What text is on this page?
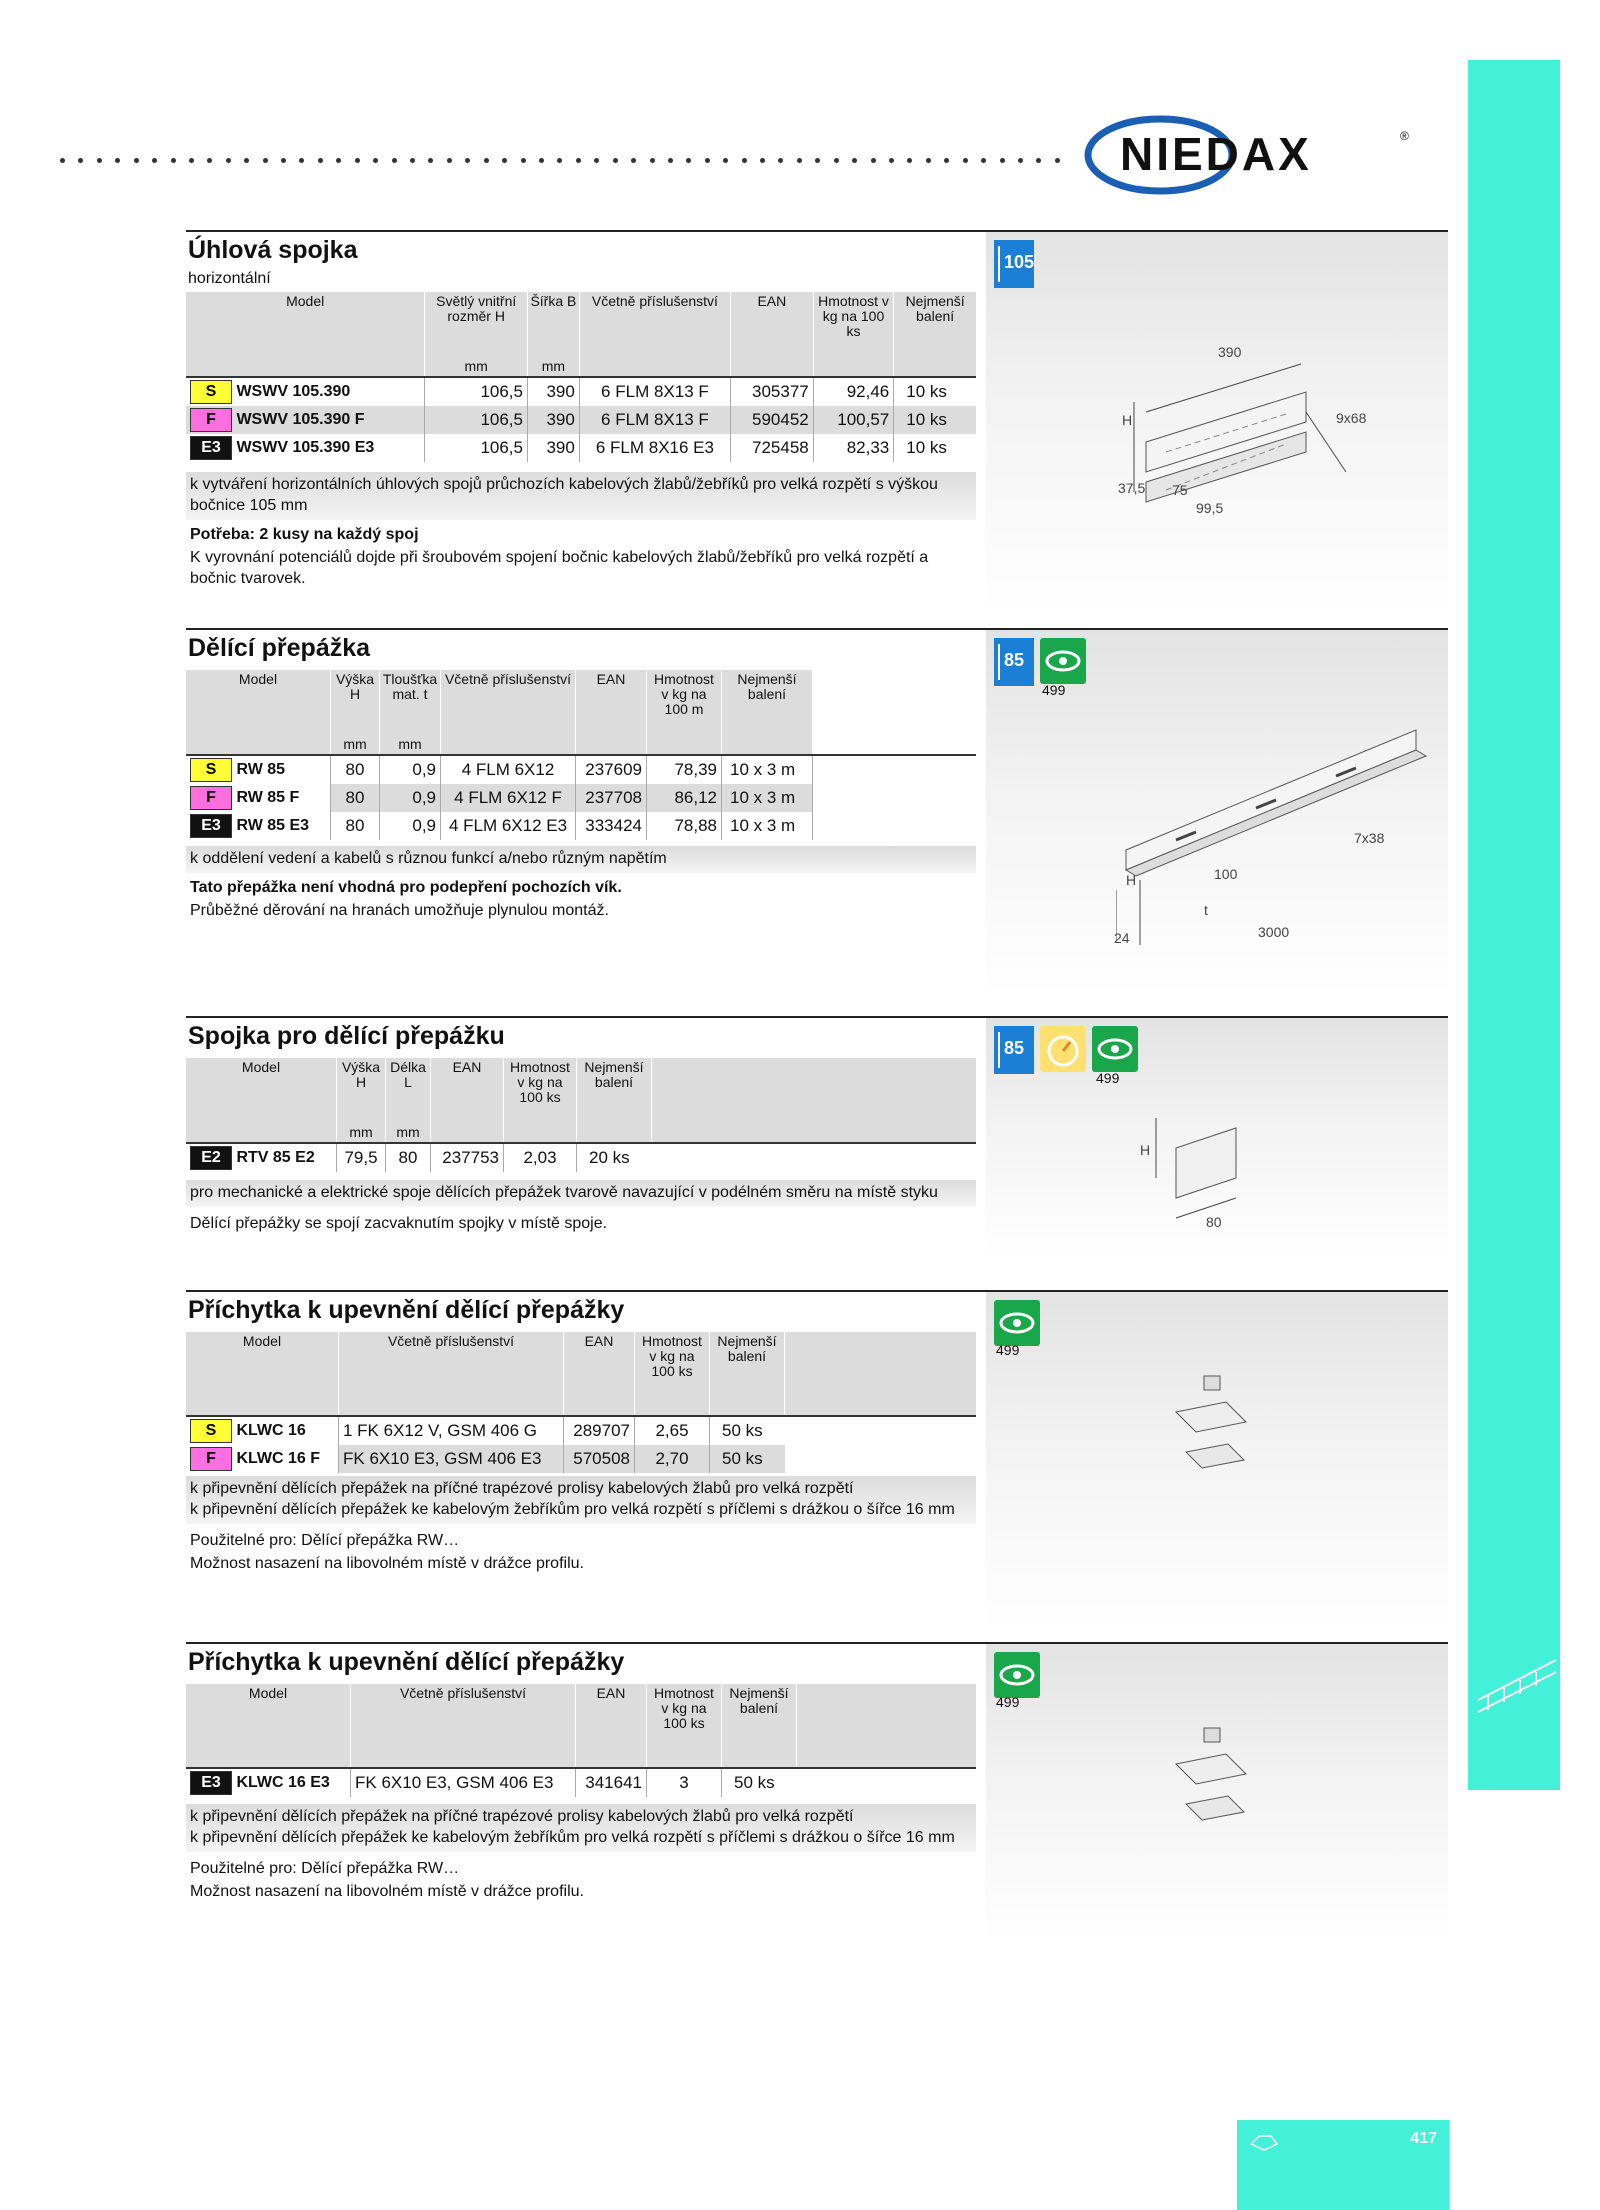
NIEDAX	®
417
Úhlová spojka
horizontální
Model	Světlý vnitřní rozměr H	Šířka B	Včetně příslušenství	EAN	Hmotnost v kg na 100 ks	Nejmenší balení
	mm	mm				

S WSWV 105.390	106,5	390	6 FLM 8X13 F	305377	92,46	10 ks
F WSWV 105.390 F	106,5	390	6 FLM 8X13 F	590452	100,57	10 ks
E3 WSWV 105.390 E3	106,5	390	6 FLM 8X16 E3	725458	82,33	10 ks
k vytváření horizontálních úhlových spojů průchozích kabelových žlabů/žebříků pro velká rozpětí s výškou bočnice 105 mm

Potřeba: 2 kusy na každý spoj

K vyrovnání potenciálů dojde při šroubovém spojení bočnic kabelových žlabů/žebříků pro velká rozpětí a bočnic tvarovek.

105
390
H	9x68
37,5 75
99,5
Dělící přepážka
Model	Výška H	Tloušťka mat. t	Včetně příslušenství	EAN	Hmotnost v kg na 100 m	Nejmenší balení	
	mm	mm					

S RW 85	80	0,9	4 FLM 6X12	237609	78,39	10 x 3 m	
F RW 85 F	80	0,9	4 FLM 6X12 F	237708	86,12	10 x 3 m	
E3 RW 85 E3	80	0,9	4 FLM 6X12 E3	333424	78,88	10 x 3 m	
k oddělení vedení a kabelů s různou funkcí a/nebo různým napětím

Tato přepážka není vhodná pro podepření pochozích vík.

Průběžné děrování na hranách umožňuje plynulou montáž.

85
499
7x38
H	100
t
24	3000
Spojka pro dělící přepážku
Model	Výška H	Délka L	EAN	Hmotnost v kg na 100 ks	Nejmenší balení	
	mm	mm				

E2 RTV 85 E2	79,5	80	237753	2,03	20 ks	
pro mechanické a elektrické spoje dělících přepážek tvarově navazující v podélném směru na místě styku

Dělící přepážky se spojí zacvaknutím spojky v místě spoje.

85
499
H
80
Příchytka k upevnění dělící přepážky
Model	Včetně příslušenství	EAN	Hmotnost v kg na 100 ks	Nejmenší balení	

S KLWC 16	1 FK 6X12 V, GSM 406 G	289707	2,65	50 ks	
F KLWC 16 F	FK 6X10 E3, GSM 406 E3	570508	2,70	50 ks	
k připevnění dělících přepážek na příčné trapézové prolisy kabelových žlabů pro velká rozpětí
k připevnění dělících přepážek ke kabelovým žebříkům pro velká rozpětí s příčlemi s drážkou o šířce 16 mm

Použitelné pro: Dělící přepážka RW…

Možnost nasazení na libovolném místě v drážce profilu.

499
Příchytka k upevnění dělící přepážky
Model	Včetně příslušenství	EAN	Hmotnost v kg na 100 ks	Nejmenší balení	

E3 KLWC 16 E3	FK 6X10 E3, GSM 406 E3	341641	3	50 ks	
k připevnění dělících přepážek na příčné trapézové prolisy kabelových žlabů pro velká rozpětí
k připevnění dělících přepážek ke kabelovým žebříkům pro velká rozpětí s příčlemi s drážkou o šířce 16 mm

Použitelné pro: Dělící přepážka RW…

Možnost nasazení na libovolném místě v drážce profilu.

499
